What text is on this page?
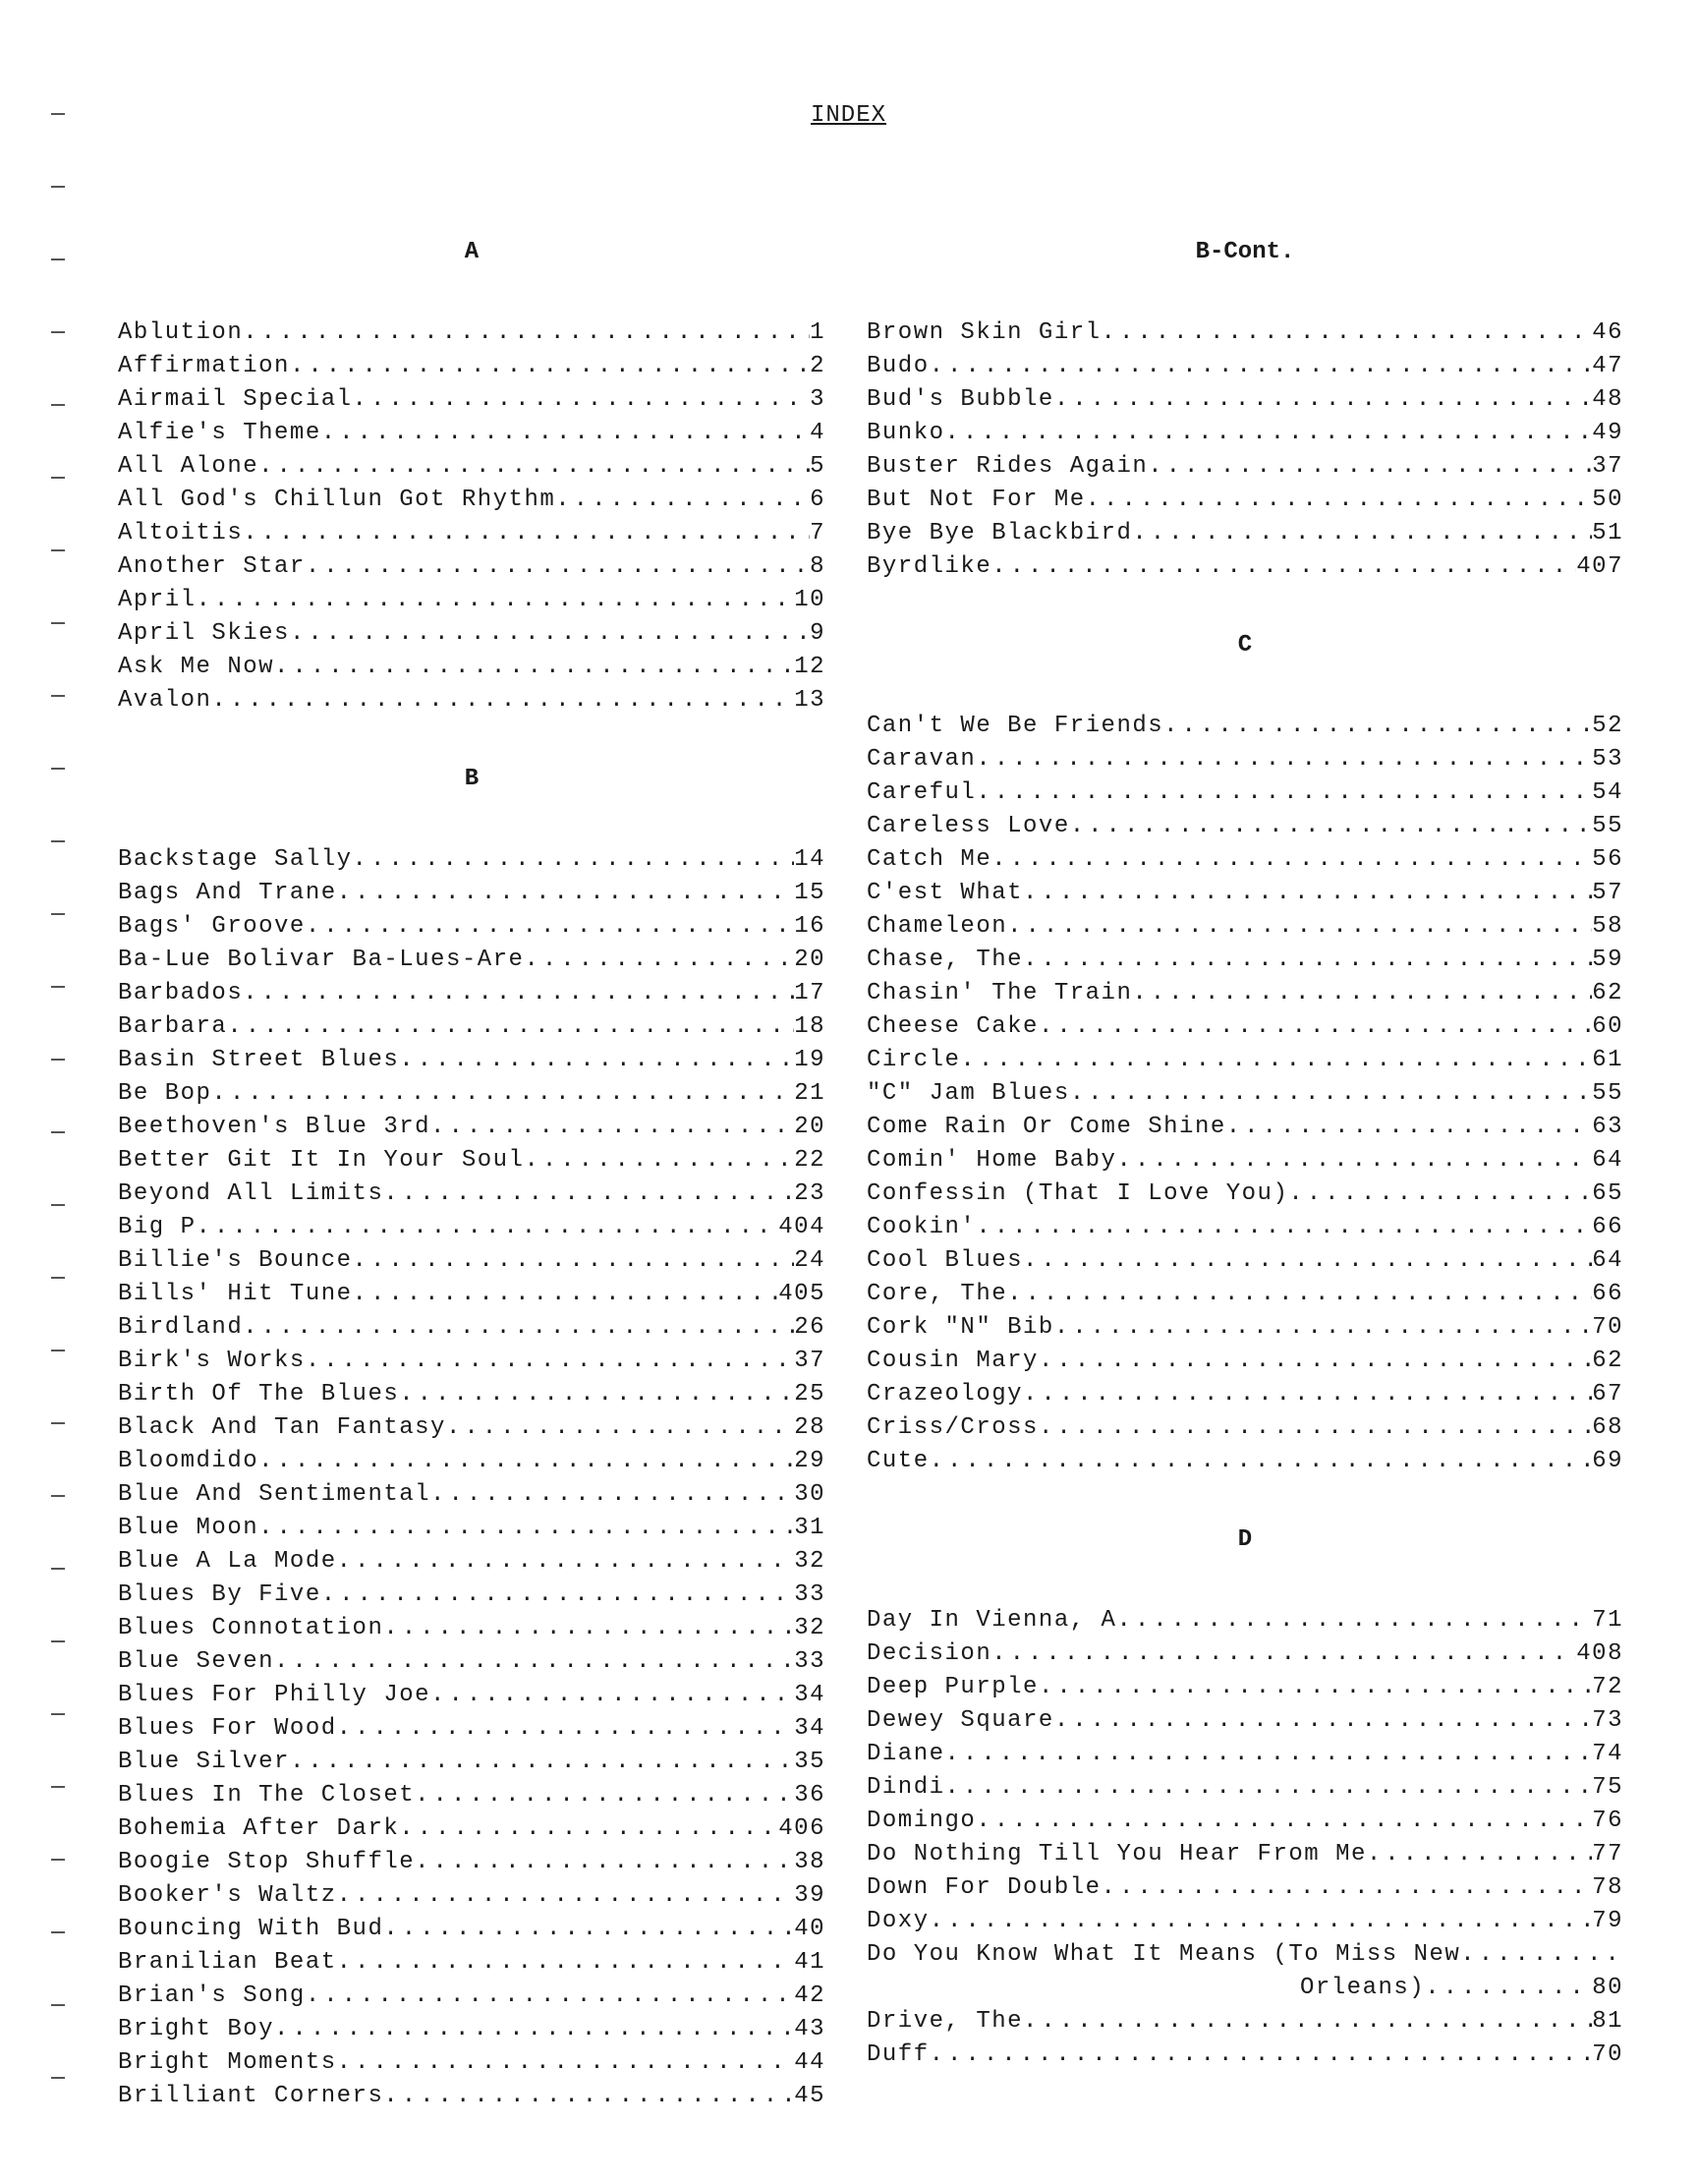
INDEX
A
Ablution .....	1
Affirmation .....	2
Airmail Special .....	3
Alfie's Theme .....	4
All Alone .....	5
All God's Chillun Got Rhythm .....	6
Altoitis .....	7
Another Star .....	8
April .....	10
April Skies .....	9
Ask Me Now .....	12
Avalon .....	13
B
Backstage Sally .....	14
Bags And Trane .....	15
Bags' Groove .....	16
Ba-Lue Bolivar Ba-Lues-Are .....	20
Barbados .....	17
Barbara .....	18
Basin Street Blues .....	19
Be Bop .....	21
Beethoven's Blue 3rd .....	20
Better Git It In Your Soul .....	22
Beyond All Limits .....	23
Big P .....	404
Billie's Bounce .....	24
Bills' Hit Tune .....	405
Birdland .....	26
Birk's Works .....	37
Birth Of The Blues .....	25
Black And Tan Fantasy .....	28
Bloomdido .....	29
Blue And Sentimental .....	30
Blue Moon .....	31
Blue A La Mode .....	32
Blues By Five .....	33
Blues Connotation .....	32
Blue Seven .....	33
Blues For Philly Joe .....	34
Blues For Wood .....	34
Blue Silver .....	35
Blues In The Closet .....	36
Bohemia After Dark .....	406
Boogie Stop Shuffle .....	38
Booker's Waltz .....	39
Bouncing With Bud .....	40
Branilian Beat .....	41
Brian's Song .....	42
Bright Boy .....	43
Bright Moments .....	44
Brilliant Corners .....	45
B-Cont.
Brown Skin Girl .....	46
Budo .....	47
Bud's Bubble .....	48
Bunko .....	49
Buster Rides Again .....	37
But Not For Me .....	50
Bye Bye Blackbird .....	51
Byrdlike .....	407
C
Can't We Be Friends .....	52
Caravan .....	53
Careful .....	54
Careless Love .....	55
Catch Me .....	56
C'est What .....	57
Chameleon .....	58
Chase, The .....	59
Chasin' The Train .....	62
Cheese Cake .....	60
Circle .....	61
"C" Jam Blues .....	55
Come Rain Or Come Shine .....	63
Comin' Home Baby .....	64
Confessin (That I Love You) .....	65
Cookin' .....	66
Cool Blues .....	64
Core, The .....	66
Cork "N" Bib .....	70
Cousin Mary .....	62
Crazeology .....	67
Criss/Cross .....	68
Cute .....	69
D
Day In Vienna, A .....	71
Decision .....	408
Deep Purple .....	72
Dewey Square .....	73
Diane .....	74
Dindi .....	75
Domingo .....	76
Do Nothing Till You Hear From Me .....	77
Down For Double .....	78
Doxy .....	79
Do You Know What It Means (To Miss New
.....
Orleans) .....	80
Drive, The .....	81
Duff .....	70
